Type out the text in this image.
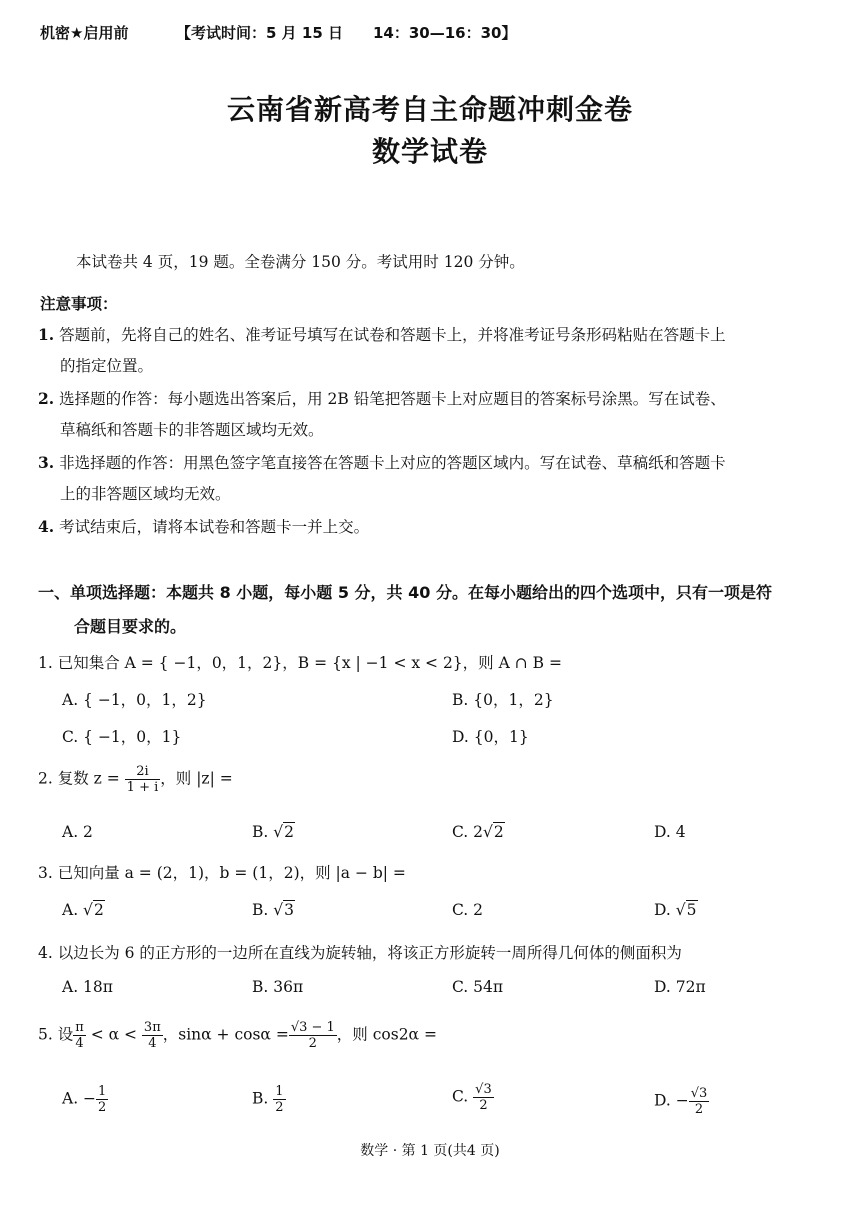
机密★启用前	【考试时间：5 月 15 日　　14：30—16：30】
云南省新高考自主命题冲刺金卷
数学试卷
本试卷共 4 页，19 题。全卷满分 150 分。考试用时 120 分钟。
注意事项：
1. 答题前，先将自己的姓名、准考证号填写在试卷和答题卡上，并将准考证号条形码粘贴在答题卡上
的指定位置。
2. 选择题的作答：每小题选出答案后，用 2B 铅笔把答题卡上对应题目的答案标号涂黑。写在试卷、
草稿纸和答题卡的非答题区域均无效。
3. 非选择题的作答：用黑色签字笔直接答在答题卡上对应的答题区域内。写在试卷、草稿纸和答题卡
上的非答题区域均无效。
4. 考试结束后，请将本试卷和答题卡一并上交。
一、单项选择题：本题共 8 小题，每小题 5 分，共 40 分。在每小题给出的四个选项中，只有一项是符
合题目要求的。
1. 已知集合 A = { −1，0，1，2}，B = {x | −1 < x < 2}，则 A ∩ B =
A. { −1，0，1，2}	B. {0，1，2}
C. { −1，0，1}	D. {0，1}
2. 复数 $z = \frac{2i}{1 + i}$ ，则 |z| =
A. 2	B. √2	C. 2√2	D. 4
3. 已知向量 a = (2，1)，b = (1，2)，则 |a − b| =
A. √2	B. √3	C. 2	D. √5
4. 以边长为 6 的正方形的一边所在直线为旋转轴，将该正方形旋转一周所得几何体的侧面积为
A. 18π	B. 36π	C. 54π	D. 72π
5. 设 $\frac{\pi}{4} < \alpha < \frac{3\pi}{4}$ ，$\sin\alpha + \cos\alpha = \frac{√3 - 1}{2}$ ，则 cos2α =
A. − $\frac{1}{2}$	B. $\frac{1}{2}$	C. $\frac{√3}{2}$	D. − $\frac{√3}{2}$
数学 · 第 1 页(共4 页)
